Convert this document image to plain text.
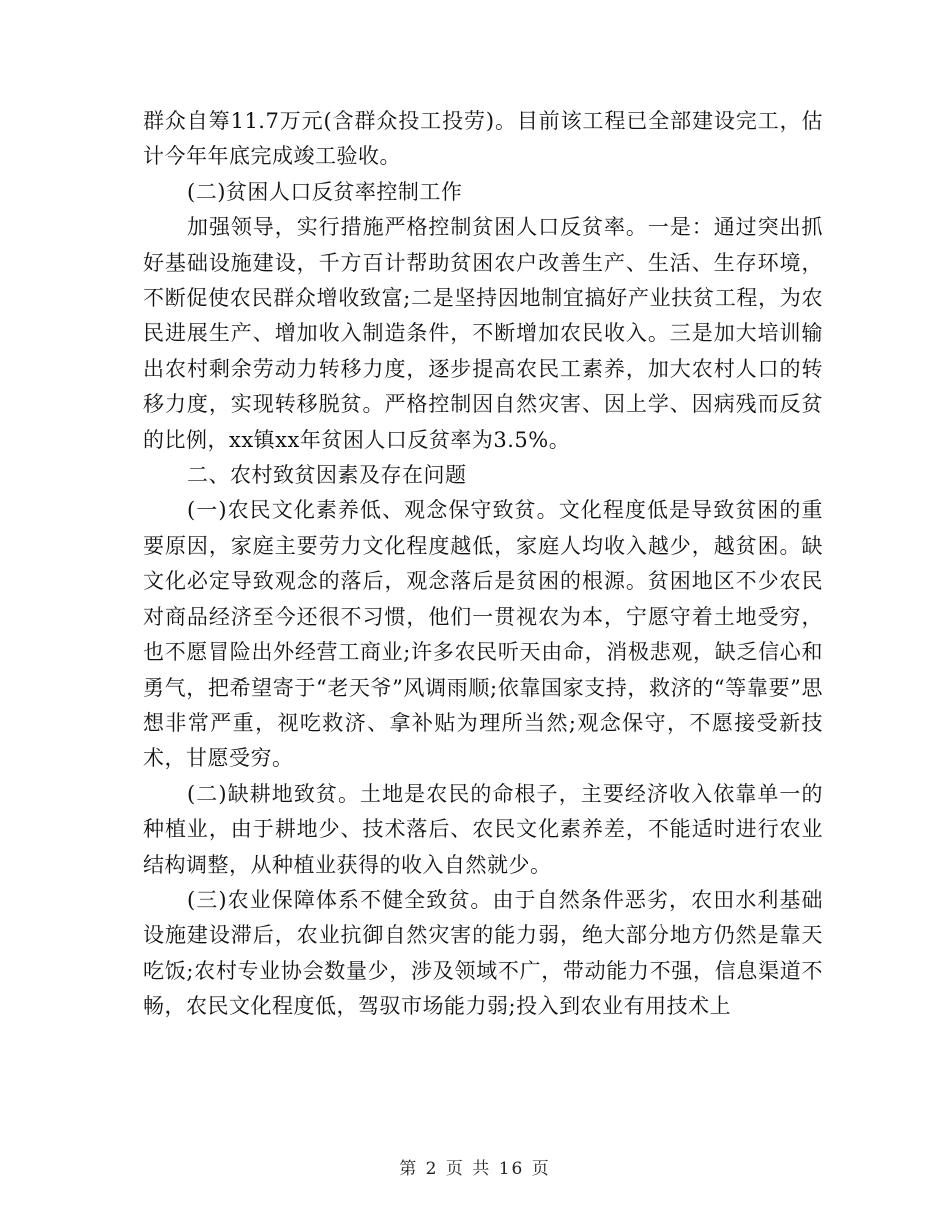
群众自筹11.7万元(含群众投工投劳)。目前该工程已全部建设完工，估计今年年底完成竣工验收。

(二)贫困人口反贫率控制工作

加强领导，实行措施严格控制贫困人口反贫率。一是：通过突出抓好基础设施建设，千方百计帮助贫困农户改善生产、生活、生存环境，不断促使农民群众增收致富;二是坚持因地制宜搞好产业扶贫工程，为农民进展生产、增加收入制造条件，不断增加农民收入。三是加大培训输出农村剩余劳动力转移力度，逐步提高农民工素养，加大农村人口的转移力度，实现转移脱贫。严格控制因自然灾害、因上学、因病残而反贫的比例，xx镇xx年贫困人口反贫率为3.5%。

二、农村致贫因素及存在问题

(一)农民文化素养低、观念保守致贫。文化程度低是导致贫困的重要原因，家庭主要劳力文化程度越低，家庭人均收入越少，越贫困。缺文化必定导致观念的落后，观念落后是贫困的根源。贫困地区不少农民对商品经济至今还很不习惯，他们一贯视农为本，宁愿守着土地受穷，也不愿冒险出外经营工商业;许多农民听天由命，消极悲观，缺乏信心和勇气，把希望寄于“老天爷”风调雨顺;依靠国家支持，救济的“等靠要”思想非常严重，视吃救济、拿补贴为理所当然;观念保守，不愿接受新技术，甘愿受穷。

(二)缺耕地致贫。土地是农民的命根子，主要经济收入依靠单一的种植业，由于耕地少、技术落后、农民文化素养差，不能适时进行农业结构调整，从种植业获得的收入自然就少。

(三)农业保障体系不健全致贫。由于自然条件恶劣，农田水利基础设施建设滞后，农业抗御自然灾害的能力弱，绝大部分地方仍然是靠天吃饭;农村专业协会数量少，涉及领域不广，带动能力不强，信息渠道不畅，农民文化程度低，驾驭市场能力弱;投入到农业有用技术上

第 2 页 共 16 页
